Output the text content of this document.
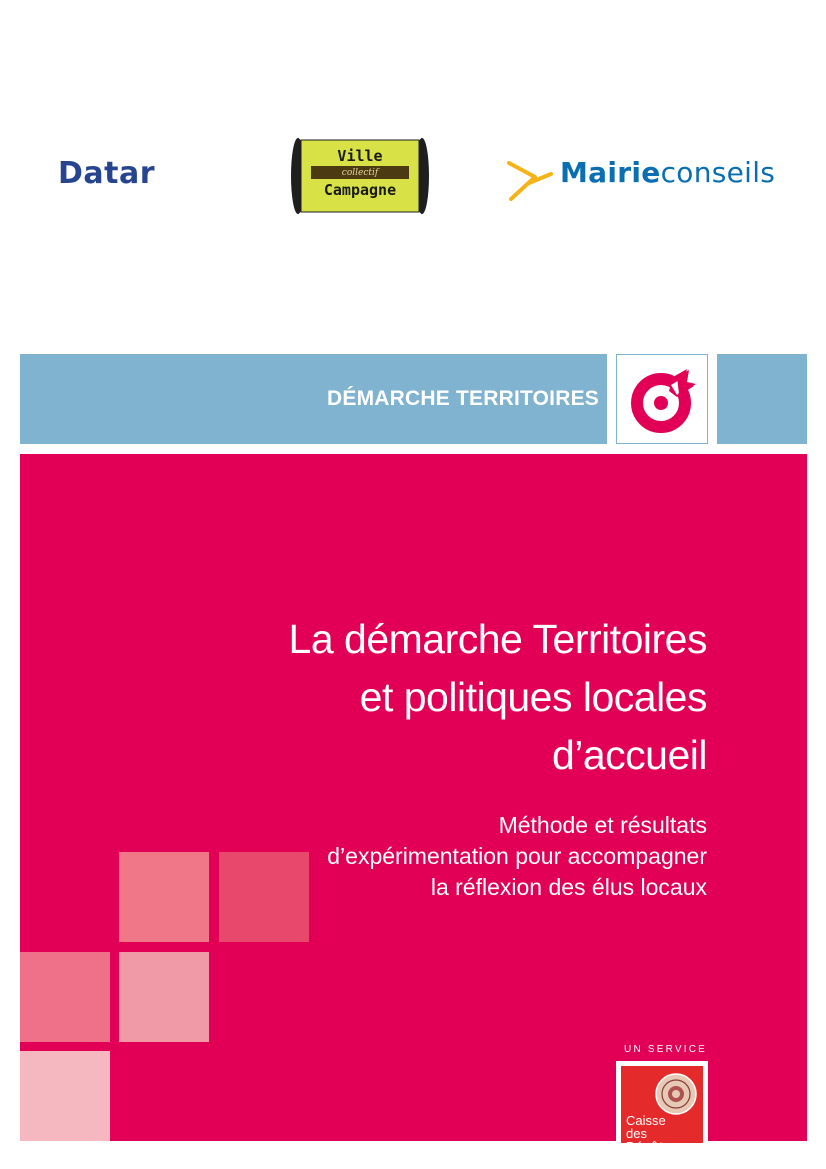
Datar	Ville
collectif
Campagne
Mairieconseils
DÉMARCHE TERRITOIRES
La démarche Territoires
et politiques locales
d’accueil
Méthode et résultats
d’expérimentation pour accompagner
la réflexion des élus locaux
UN SERVICE
Caisse
des
Dépôts
